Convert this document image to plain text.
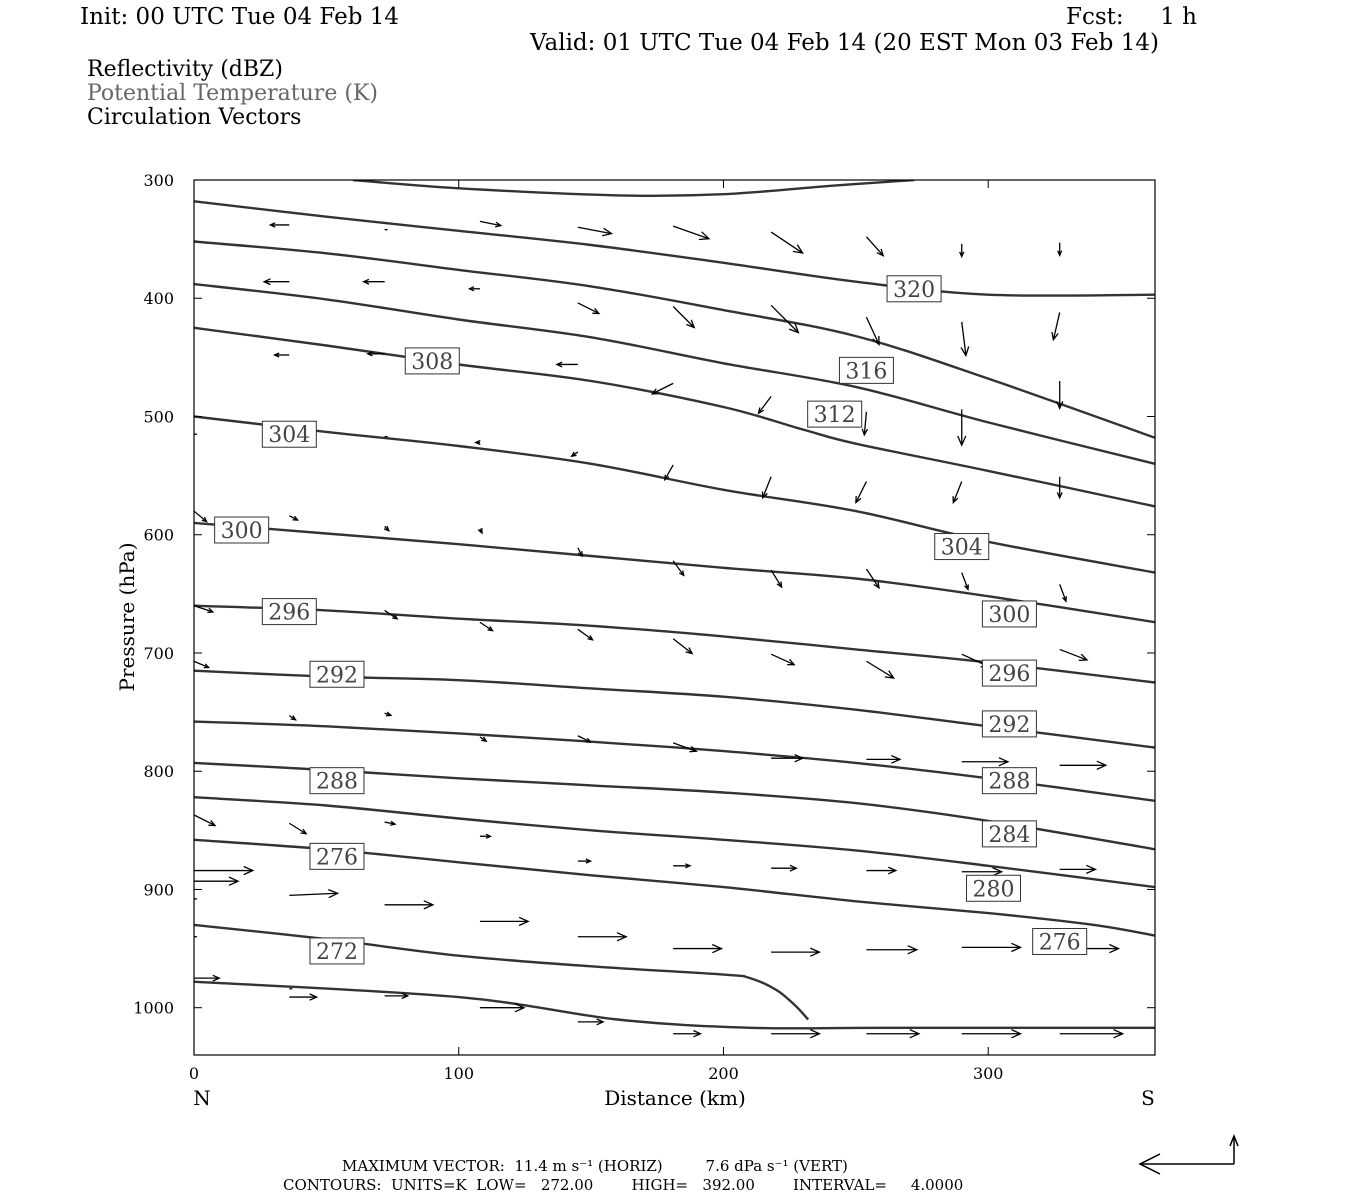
Init: 00 UTC Tue 04 Feb 14	Fcst:     1 h
Valid: 01 UTC Tue 04 Feb 14 (20 EST Mon 03 Feb 14)
Reflectivity (dBZ)
Potential Temperature (K)
Circulation Vectors
272
276
276
280
284
288	288
292
292
296
296
300
300
304
304
308
312
316
320
0	100	200	300
300
400
500
600
700
800
900
1000
Distance (km)
Pressure (hPa)
N	S
MAXIMUM VECTOR:  11.4 m s⁻¹ (HORIZ)         7.6 dPa s⁻¹ (VERT)
CONTOURS:  UNITS=K  LOW=   272.00        HIGH=   392.00        INTERVAL=     4.0000
